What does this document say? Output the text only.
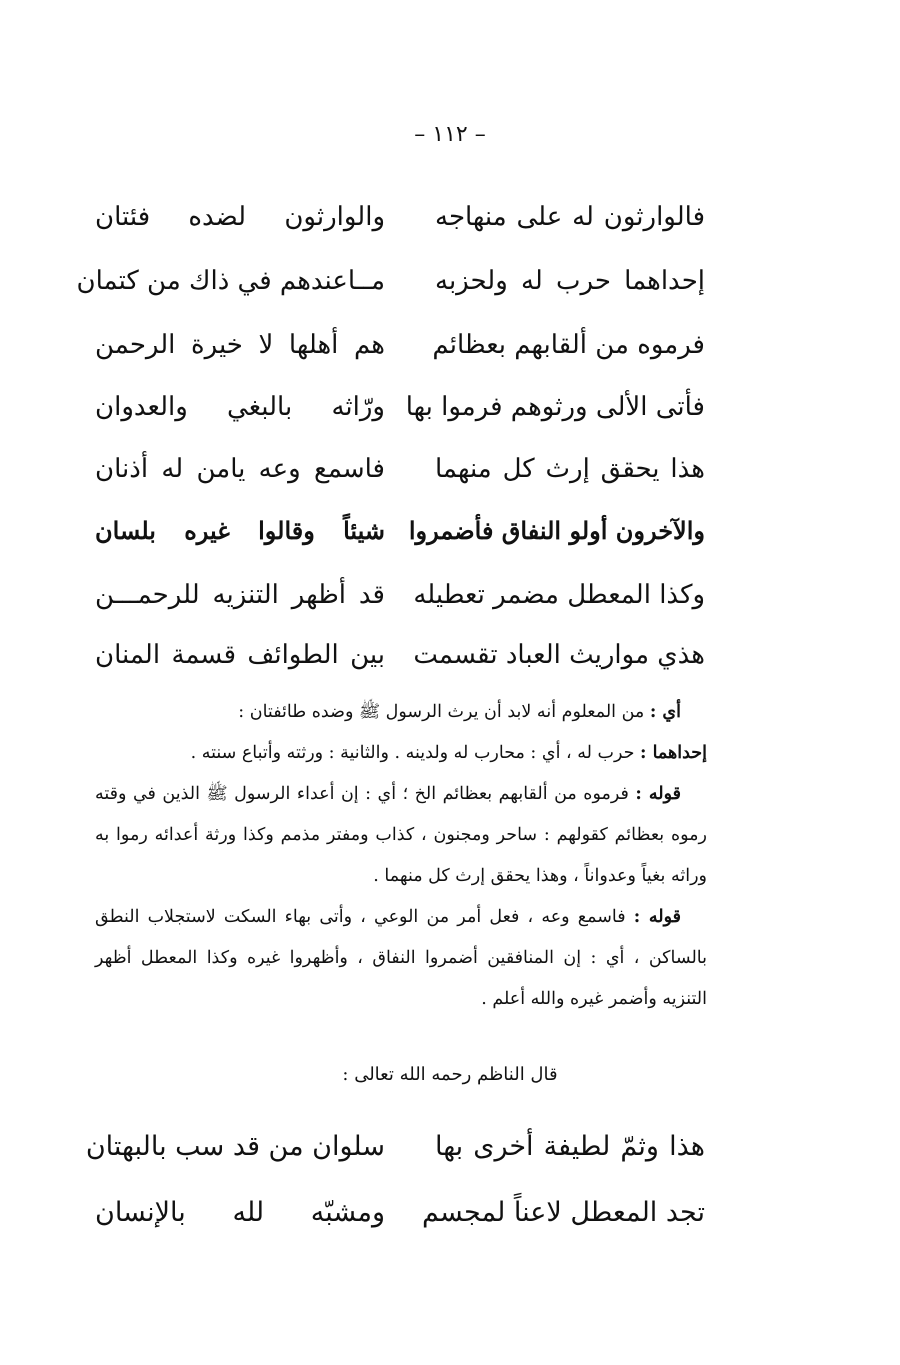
– ١١٢ –
فالوارثون له على منهاجه
والوارثون لضده فئتان
إحداهما حرب له ولحزبه
مــاعندهم في ذاك من كتمان
فرموه من ألقابهم بعظائم
هم أهلها لا خيرة الرحمن
فأتى الألى ورثوهم فرموا بها
ورّاثه بالبغي والعدوان
هذا يحقق إرث كل منهما
فاسمع وعه يامن له أذنان
والآخرون أولو النفاق فأضمروا
شيئاً وقالوا غيره بلسان
وكذا المعطل مضمر تعطيله
قد أظهر التنزيه للرحمـــن
هذي مواريث العباد تقسمت
بين الطوائف قسمة المنان

أي : من المعلوم أنه لابد أن يرث الرسول ﷺ وضده طائفتان :

إحداهما : حرب له ، أي : محارب له ولدينه . والثانية : ورثته وأتباع سنته .

قوله : فرموه من ألقابهم بعظائم الخ ؛ أي : إن أعداء الرسول ﷺ الذين في وقته رموه بعظائم كقولهم : ساحر ومجنون ، كذاب ومفتر مذمم وكذا ورثة أعدائه رموا به وراثه بغياً وعدواناً ، وهذا يحقق إرث كل منهما .

قوله : فاسمع وعه ، فعل أمر من الوعي ، وأتى بهاء السكت لاستجلاب النطق بالساكن ، أي : إن المنافقين أضمروا النفاق ، وأظهروا غيره وكذا المعطل أظهر التنزيه وأضمر غيره والله أعلم .

قال الناظم رحمه الله تعالى :
هذا وثمّ لطيفة أخرى بها
سلوان من قد سب بالبهتان
تجد المعطل لاعناً لمجسم
ومشبّه لله بالإنسان
